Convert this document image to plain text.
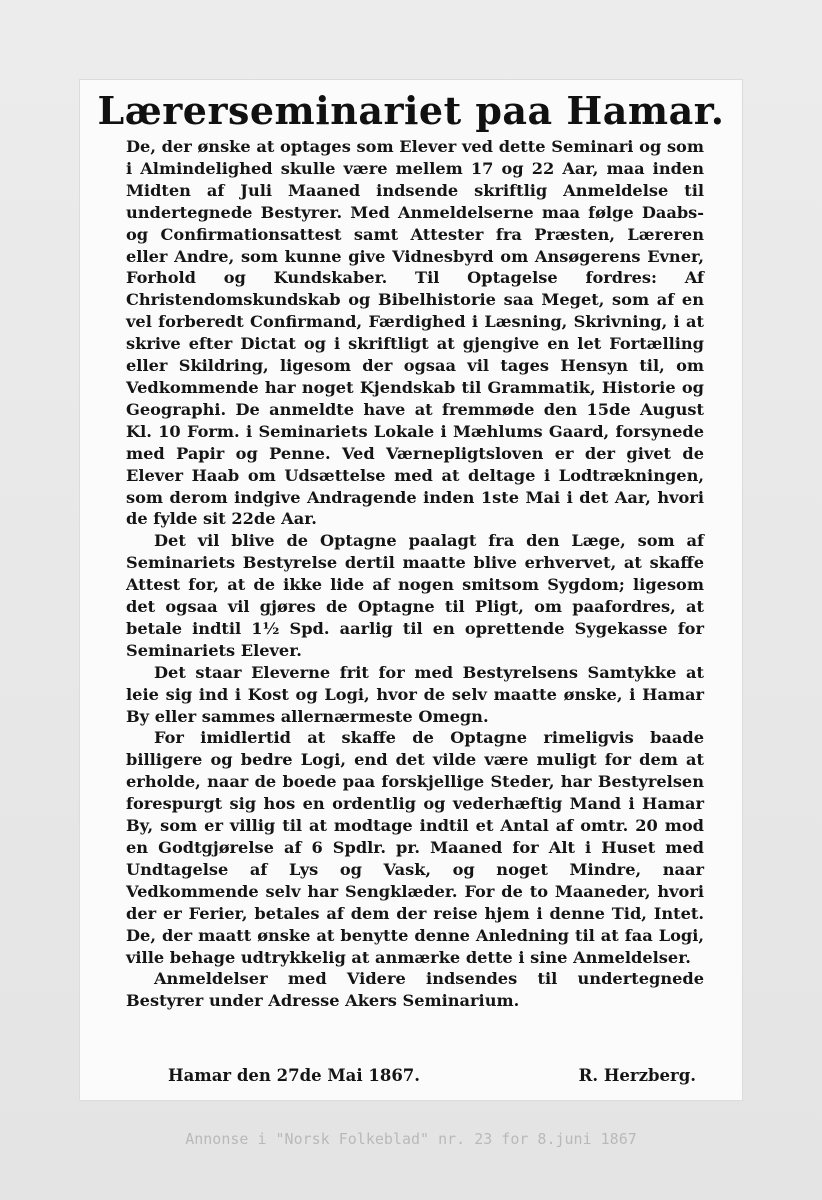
Lærerseminariet paa Hamar.

De, der ønske at optages som Elever ved dette Seminari og som i Almindelighed skulle være mellem 17 og 22 Aar, maa inden Midten af Juli Maaned indsende skriftlig Anmeldelse til undertegnede Bestyrer. Med Anmeldelserne maa følge Daabs- og Confirmationsattest samt Attester fra Præsten, Læreren eller Andre, som kunne give Vidnesbyrd om Ansøgerens Evner, Forhold og Kundskaber. Til Optagelse fordres: Af Christendomskundskab og Bibelhistorie saa Meget, som af en vel forberedt Confirmand, Færdighed i Læsning, Skrivning, i at skrive efter Dictat og i skriftligt at gjengive en let Fortælling eller Skildring, ligesom der ogsaa vil tages Hensyn til, om Vedkommende har noget Kjendskab til Grammatik, Historie og Geographi. De anmeldte have at fremmøde den 15de August Kl. 10 Form. i Seminariets Lokale i Mæhlums Gaard, forsynede med Papir og Penne. Ved Værnepligtsloven er der givet de Elever Haab om Udsættelse med at deltage i Lodtrækningen, som derom indgive Andragende inden 1ste Mai i det Aar, hvori de fylde sit 22de Aar.

Det vil blive de Optagne paalagt fra den Læge, som af Seminariets Bestyrelse dertil maatte blive erhvervet, at skaffe Attest for, at de ikke lide af nogen smitsom Sygdom; ligesom det ogsaa vil gjøres de Optagne til Pligt, om paafordres, at betale indtil 1½ Spd. aarlig til en oprettende Sygekasse for Seminariets Elever.

Det staar Eleverne frit for med Bestyrelsens Samtykke at leie sig ind i Kost og Logi, hvor de selv maatte ønske, i Hamar By eller sammes allernærmeste Omegn.

For imidlertid at skaffe de Optagne rimeligvis baade billigere og bedre Logi, end det vilde være muligt for dem at erholde, naar de boede paa forskjellige Steder, har Bestyrelsen forespurgt sig hos en ordentlig og vederhæftig Mand i Hamar By, som er villig til at modtage indtil et Antal af omtr. 20 mod en Godtgjørelse af 6 Spdlr. pr. Maaned for Alt i Huset med Undtagelse af Lys og Vask, og noget Mindre, naar Vedkommende selv har Sengklæder. For de to Maaneder, hvori der er Ferier, betales af dem der reise hjem i denne Tid, Intet. De, der maatt ønske at benytte denne Anledning til at faa Logi, ville behage udtrykkelig at anmærke dette i sine Anmeldelser.

Anmeldelser med Videre indsendes til undertegnede Bestyrer under Adresse Akers Seminarium.

Hamar den 27de Mai 1867.	R. Herzberg.
Annonse i "Norsk Folkeblad" nr. 23 for 8.juni 1867
